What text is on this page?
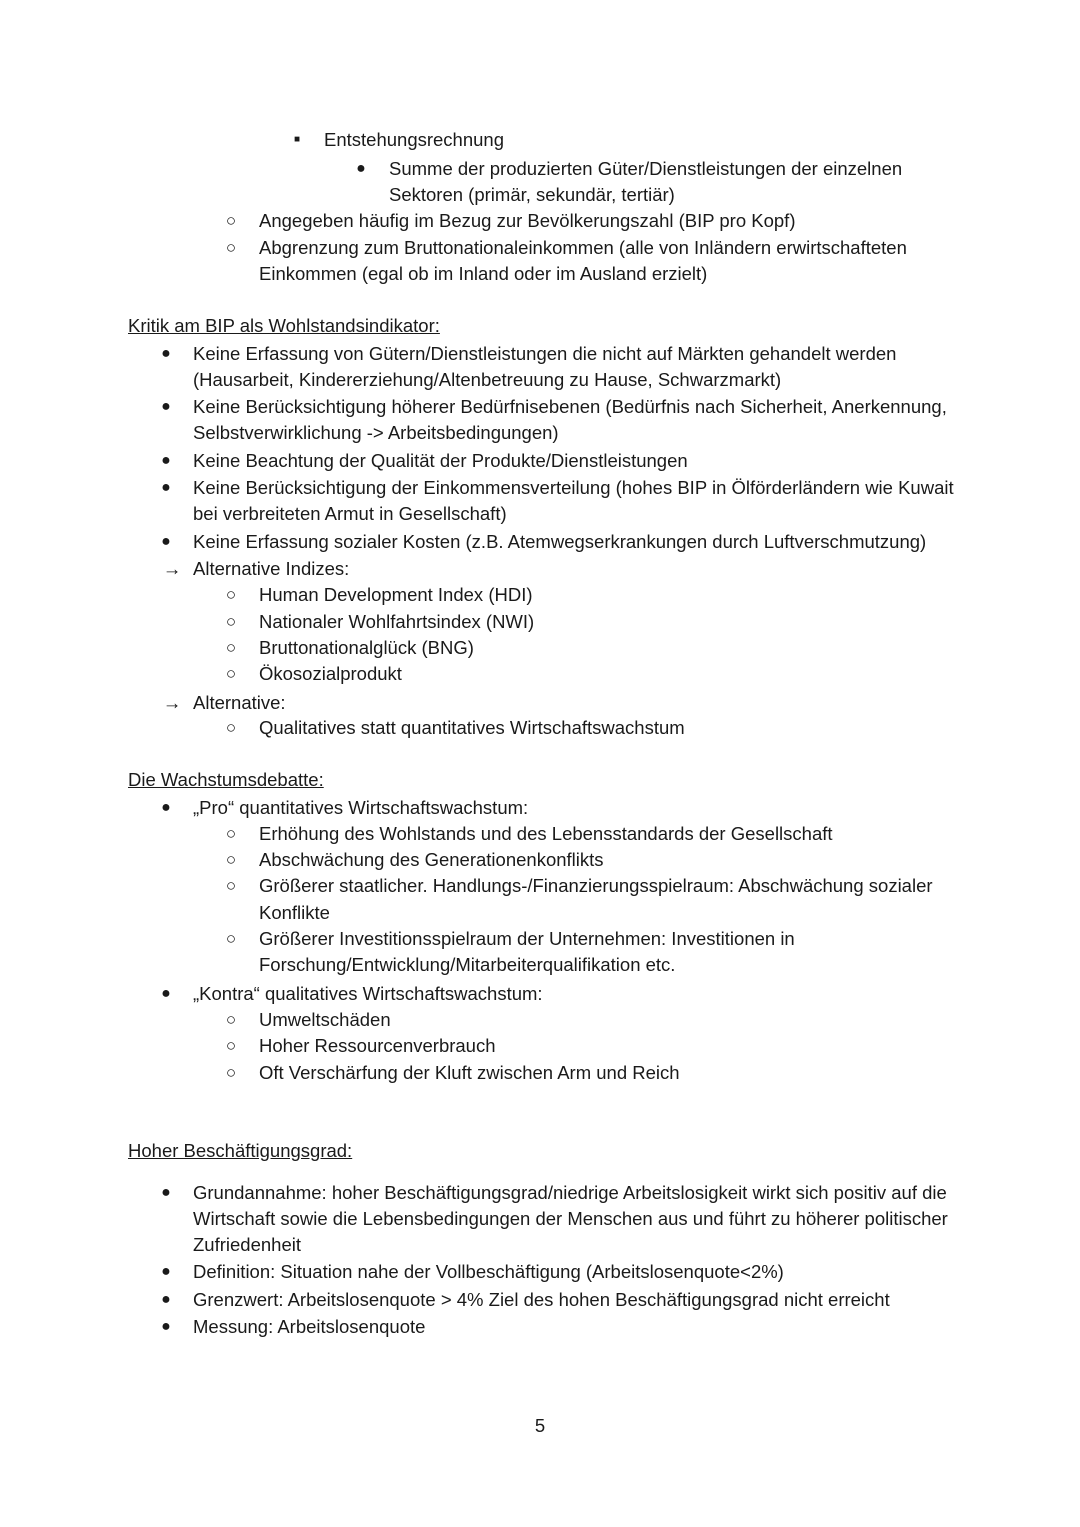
■	Entstehungsrechnung
● Summe der produzierten Güter/Dienstleistungen der einzelnen
Sektoren (primär, sekundär, tertiär)
○ Angegeben häufig im Bezug zur Bevölkerungszahl (BIP pro Kopf)
○ Abgrenzung zum Bruttonationaleinkommen (alle von Inländern erwirtschafteten
Einkommen (egal ob im Inland oder im Ausland erzielt)
Kritik am BIP als Wohlstandsindikator:
● Keine Erfassung von Gütern/Dienstleistungen die nicht auf Märkten gehandelt werden
(Hausarbeit, Kindererziehung/Altenbetreuung zu Hause, Schwarzmarkt)
● Keine Berücksichtigung höherer Bedürfnisebenen (Bedürfnis nach Sicherheit, Anerkennung,
Selbstverwirklichung -> Arbeitsbedingungen)
● Keine Beachtung der Qualität der Produkte/Dienstleistungen
● Keine Berücksichtigung der Einkommensverteilung (hohes BIP in Ölförderländern wie Kuwait
bei verbreiteten Armut in Gesellschaft)
● Keine Erfassung sozialer Kosten (z.B. Atemwegserkrankungen durch Luftverschmutzung)
→ Alternative Indizes:
○ Human Development Index (HDI)
○ Nationaler Wohlfahrtsindex (NWI)
○ Bruttonationalglück (BNG)
○ Ökosozialprodukt
→ Alternative:
○ Qualitatives statt quantitatives Wirtschaftswachstum
Die Wachstumsdebatte:
● „Pro“ quantitatives Wirtschaftswachstum:
○ Erhöhung des Wohlstands und des Lebensstandards der Gesellschaft
○ Abschwächung des Generationenkonflikts
○ Größerer staatlicher. Handlungs-/Finanzierungsspielraum: Abschwächung sozialer
Konflikte
○ Größerer Investitionsspielraum der Unternehmen: Investitionen in
Forschung/Entwicklung/Mitarbeiterqualifikation etc.
● „Kontra“ qualitatives Wirtschaftswachstum:
○ Umweltschäden
○ Hoher Ressourcenverbrauch
○ Oft Verschärfung der Kluft zwischen Arm und Reich
Hoher Beschäftigungsgrad:
● Grundannahme: hoher Beschäftigungsgrad/niedrige Arbeitslosigkeit wirkt sich positiv auf die
Wirtschaft sowie die Lebensbedingungen der Menschen aus und führt zu höherer politischer
Zufriedenheit
● Definition: Situation nahe der Vollbeschäftigung (Arbeitslosenquote<2%)
● Grenzwert: Arbeitslosenquote > 4% Ziel des hohen Beschäftigungsgrad nicht erreicht
● Messung: Arbeitslosenquote
5
